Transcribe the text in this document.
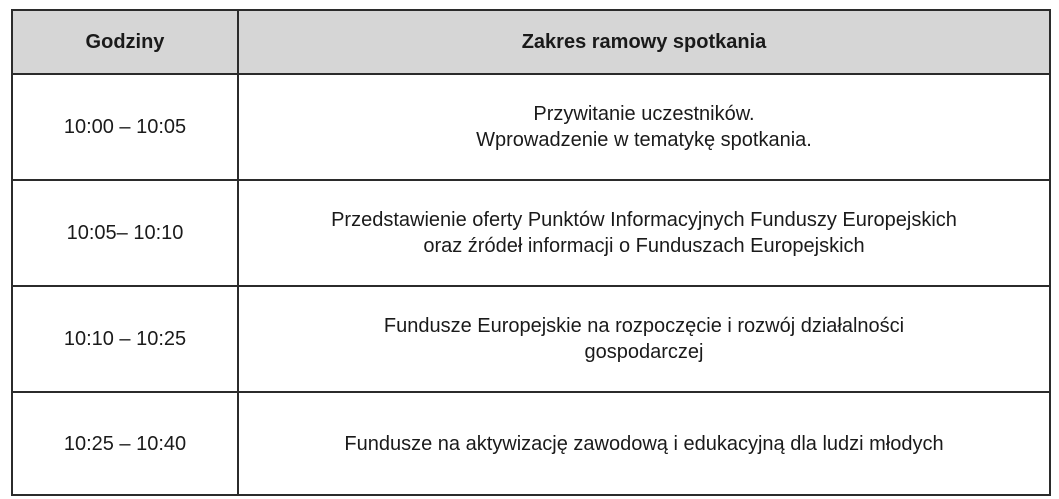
Godziny	Zakres ramowy spotkania
10:00 – 10:05	Przywitanie uczestników.
Wprowadzenie w tematykę spotkania.

10:05– 10:10	Przedstawienie oferty Punktów Informacyjnych Funduszy Europejskich
oraz źródeł informacji o Funduszach Europejskich

10:10 – 10:25	Fundusze Europejskie na rozpoczęcie i rozwój działalności
gospodarczej

10:25 – 10:40	Fundusze na aktywizację zawodową i edukacyjną dla ludzi młodych
